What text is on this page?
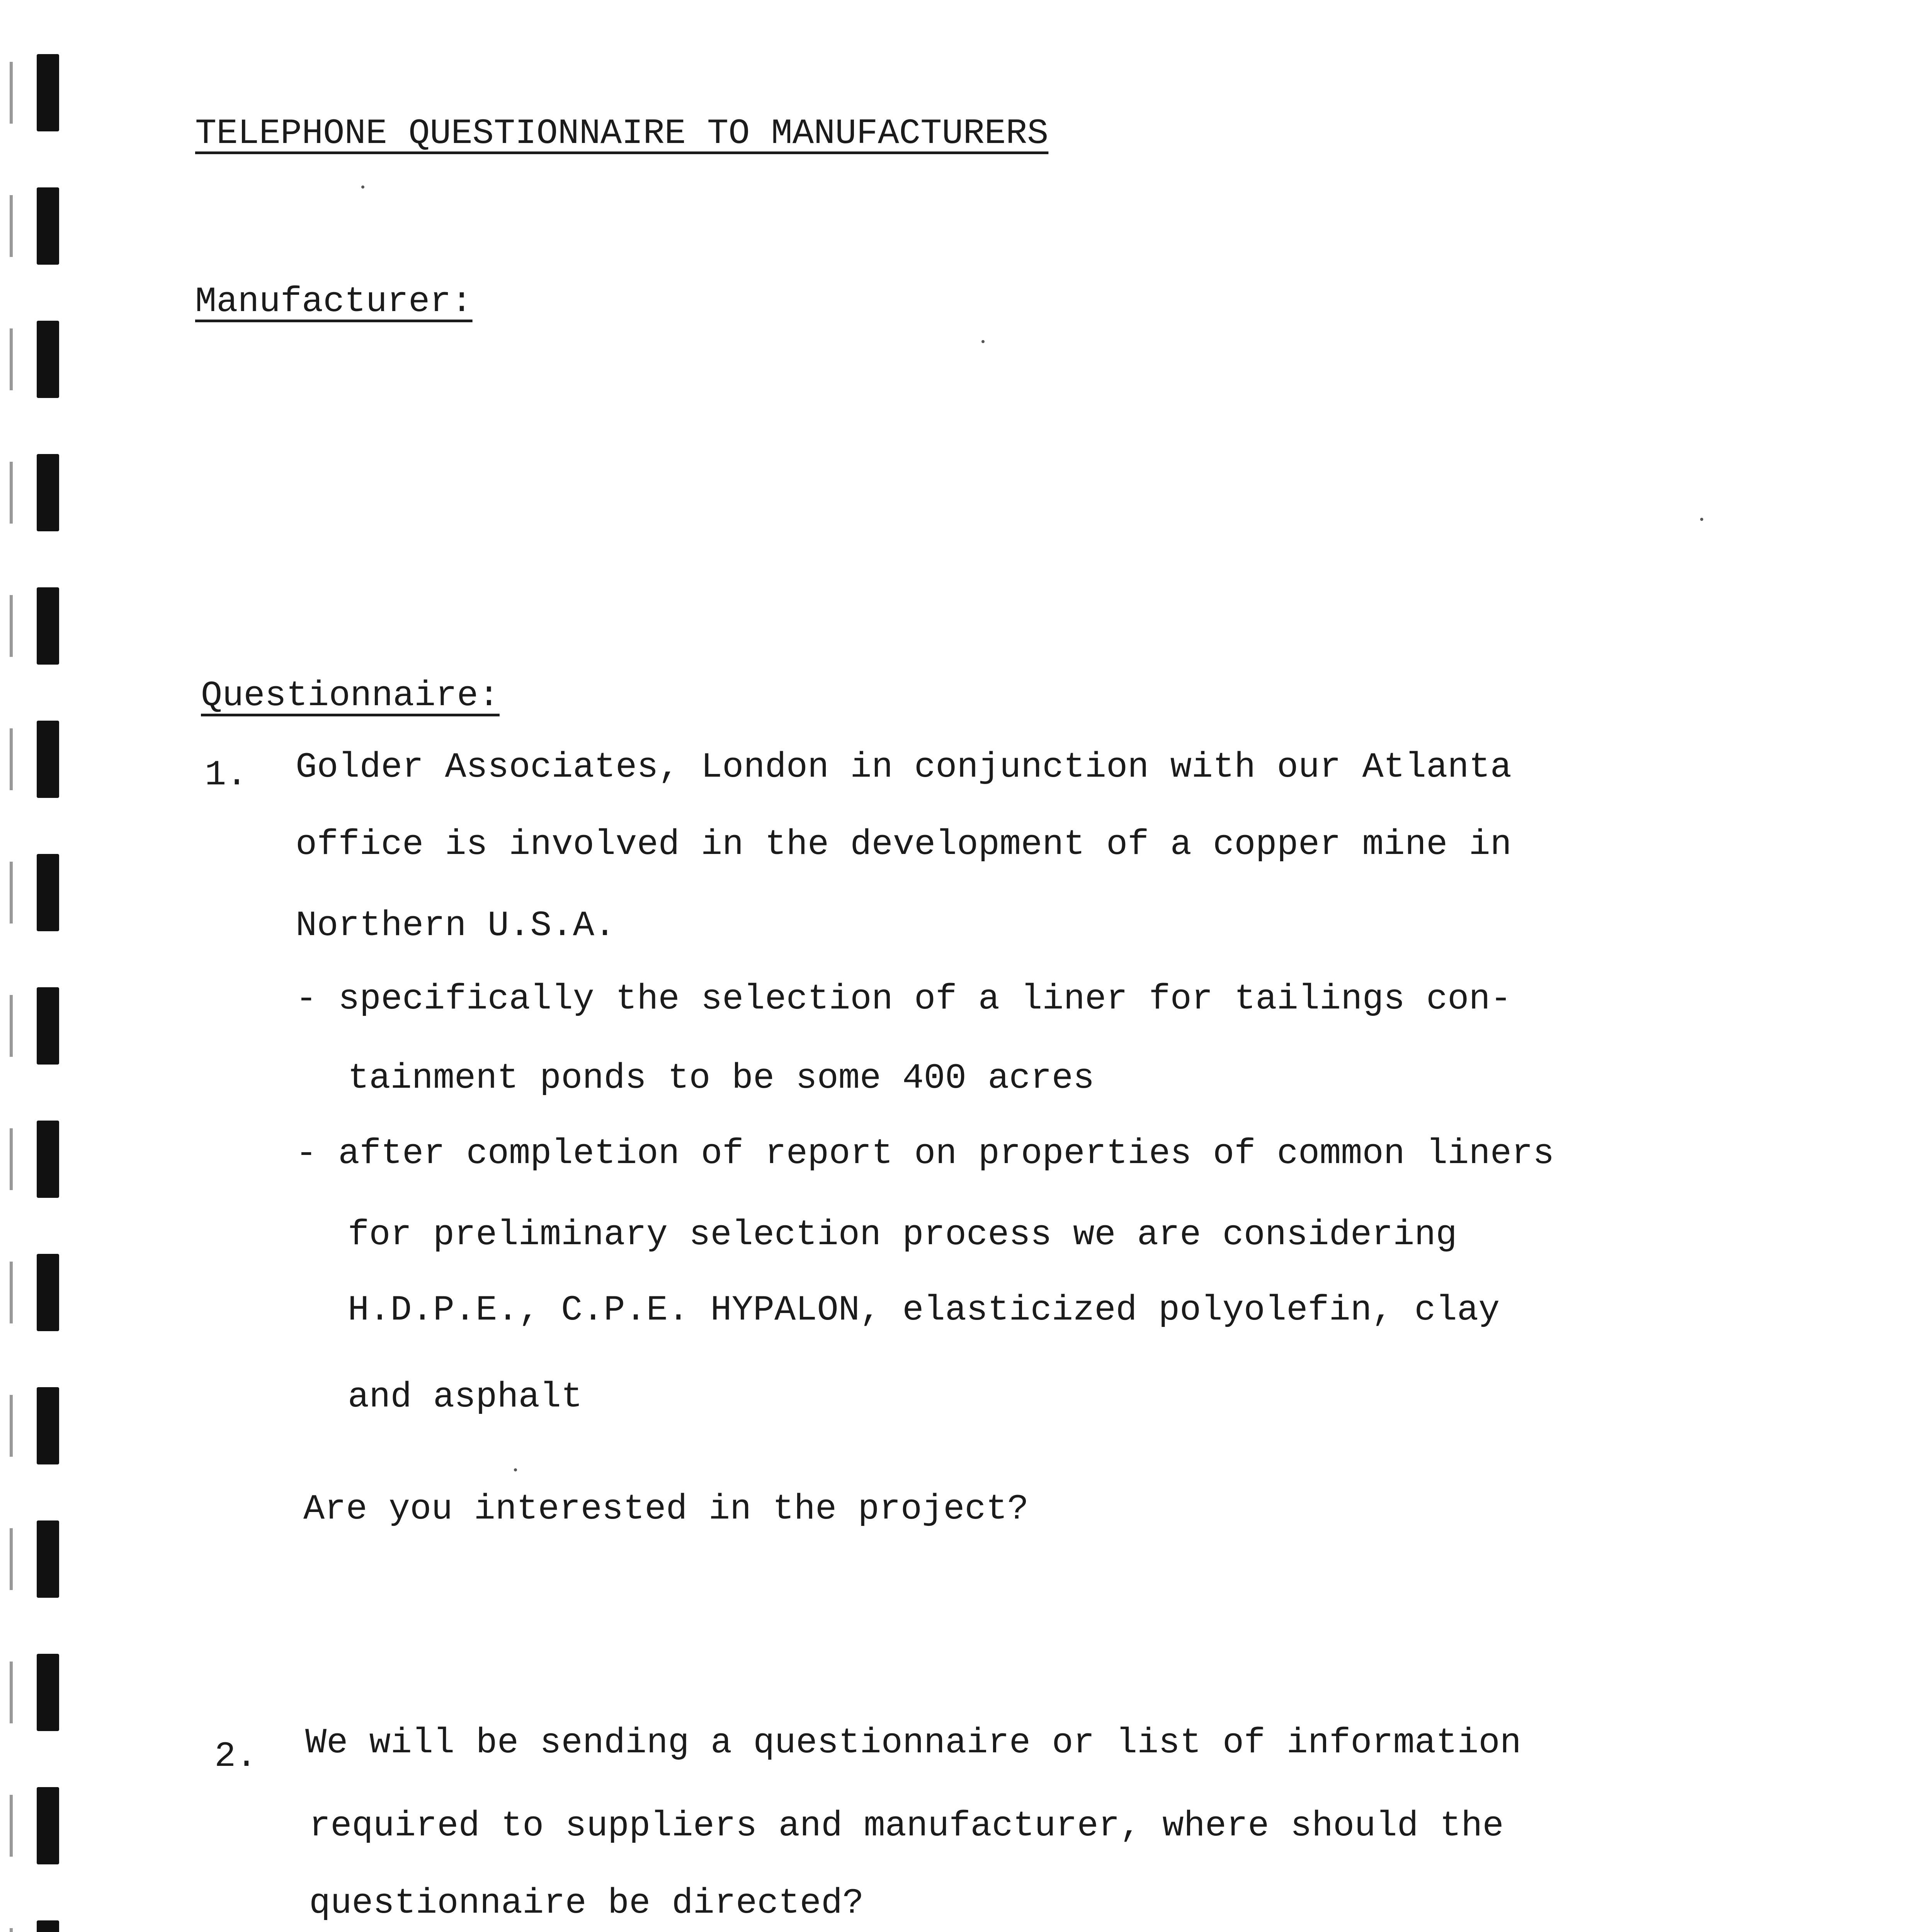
TELEPHONE QUESTIONNAIRE TO MANUFACTURERS
Manufacturer:
Questionnaire:
1. Golder Associates, London in conjunction with our Atlanta
office is involved in the development of a copper mine in
Northern U.S.A.
- specifically the selection of a liner for tailings con-
tainment ponds to be some 400 acres
- after completion of report on properties of common liners
for preliminary selection process we are considering
H.D.P.E., C.P.E. HYPALON, elasticized polyolefin, clay
and asphalt
Are you interested in the project?
2. We will be sending a questionnaire or list of information
required to suppliers and manufacturer, where should the
questionnaire be directed?
